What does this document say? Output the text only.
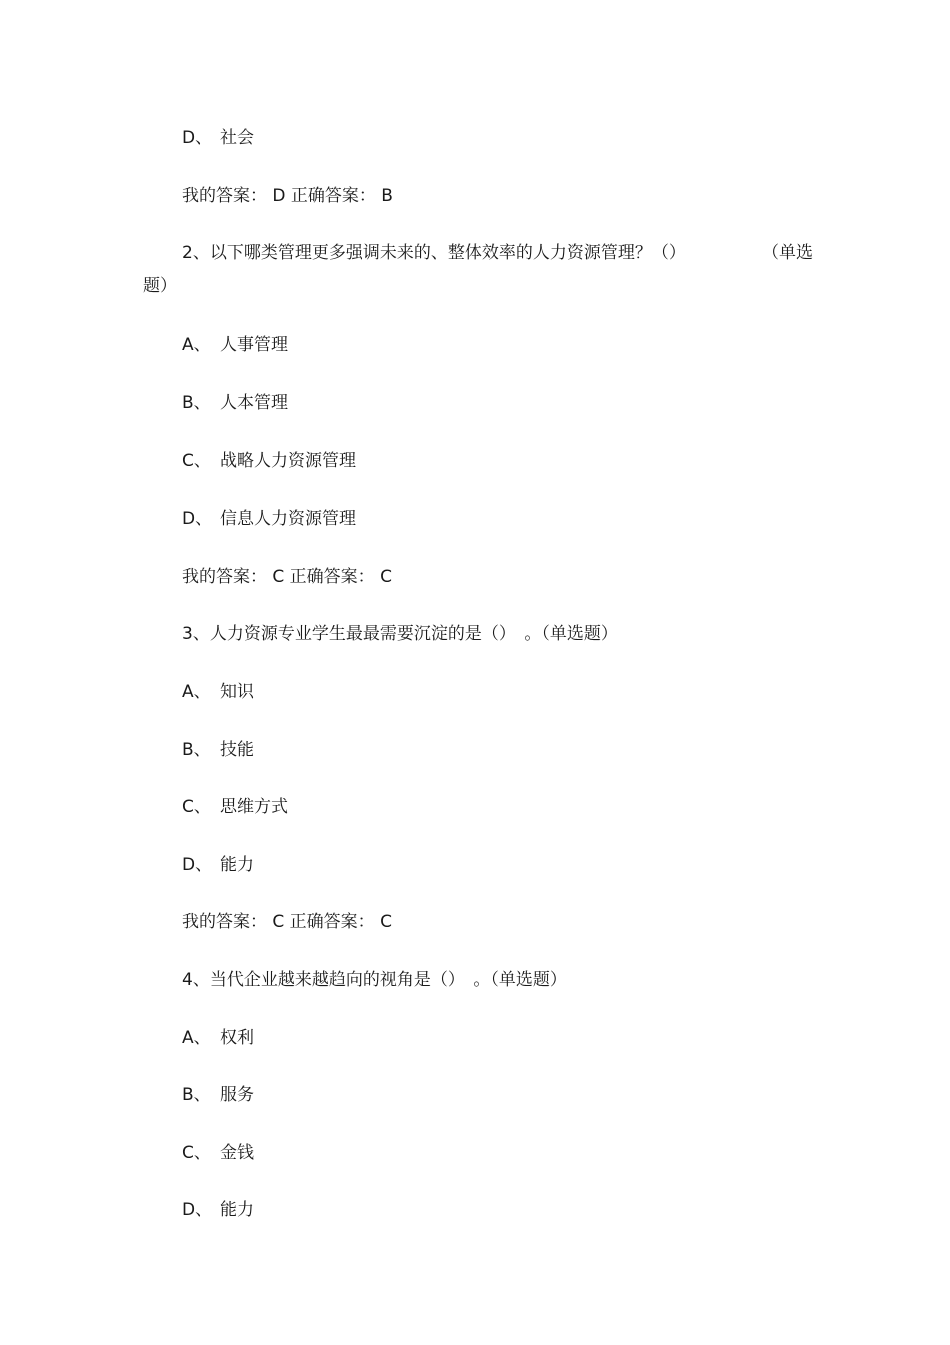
D、 社会
我的答案： D 正确答案： B
（单选
2、以下哪类管理更多强调未来的、整体效率的人力资源管理？（）
题）
A、 人事管理
B、 人本管理
C、 战略人力资源管理
D、 信息人力资源管理
我的答案： C 正确答案： C
3、人力资源专业学生最最需要沉淀的是（）　。（单选题）
A、 知识
B、 技能
C、 思维方式
D、 能力
我的答案： C 正确答案： C
4、当代企业越来越趋向的视角是（）　。（单选题）
A、 权利
B、 服务
C、 金钱
D、 能力
